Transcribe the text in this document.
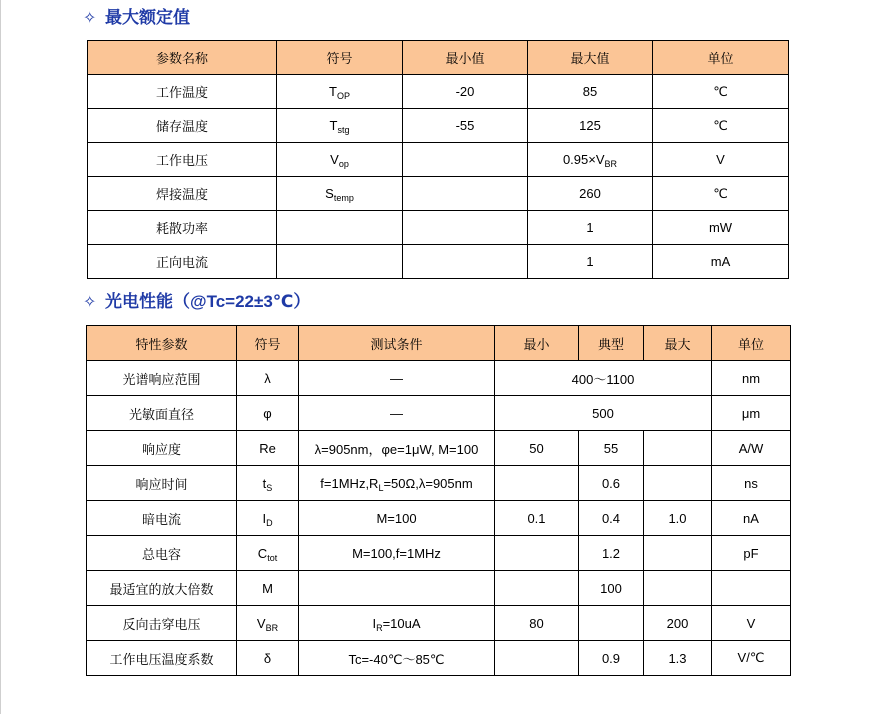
✧ 最大额定值
参数名称	符号	最小值	最大值	单位
工作温度	$T_{OP}$	-20	85	℃
储存温度	$T_{stg}$	-55	125	℃
工作电压	$V_{op}$		$0.95\times V_{BR}$	V
焊接温度	$S_{temp}$		260	℃
耗散功率			1	mW
正向电流			1	mA
✧ 光电性能（@Tc=22±3℃）
特性参数	符号	测试条件	最小	典型	最大	单位
光谱响应范围	λ	—	400～1100			nm
光敏面直径	φ	—	500			μm
响应度	Re	λ=905nm，φe=1μW, M=100	50	55		A/W
响应时间	$t_S$	$f=1MHz,R_L=50\Omega,\lambda=905nm$		0.6		ns
暗电流	$I_D$	M=100	0.1	0.4	1.0	nA
总电容	$C_{tot}$	M=100,f=1MHz		1.2		pF
最适宜的放大倍数	M			100		
反向击穿电压	$V_{BR}$	$I_R=10uA$	80		200	V
工作电压温度系数	δ	Tc=-40℃～85℃		0.9	1.3	V/℃
